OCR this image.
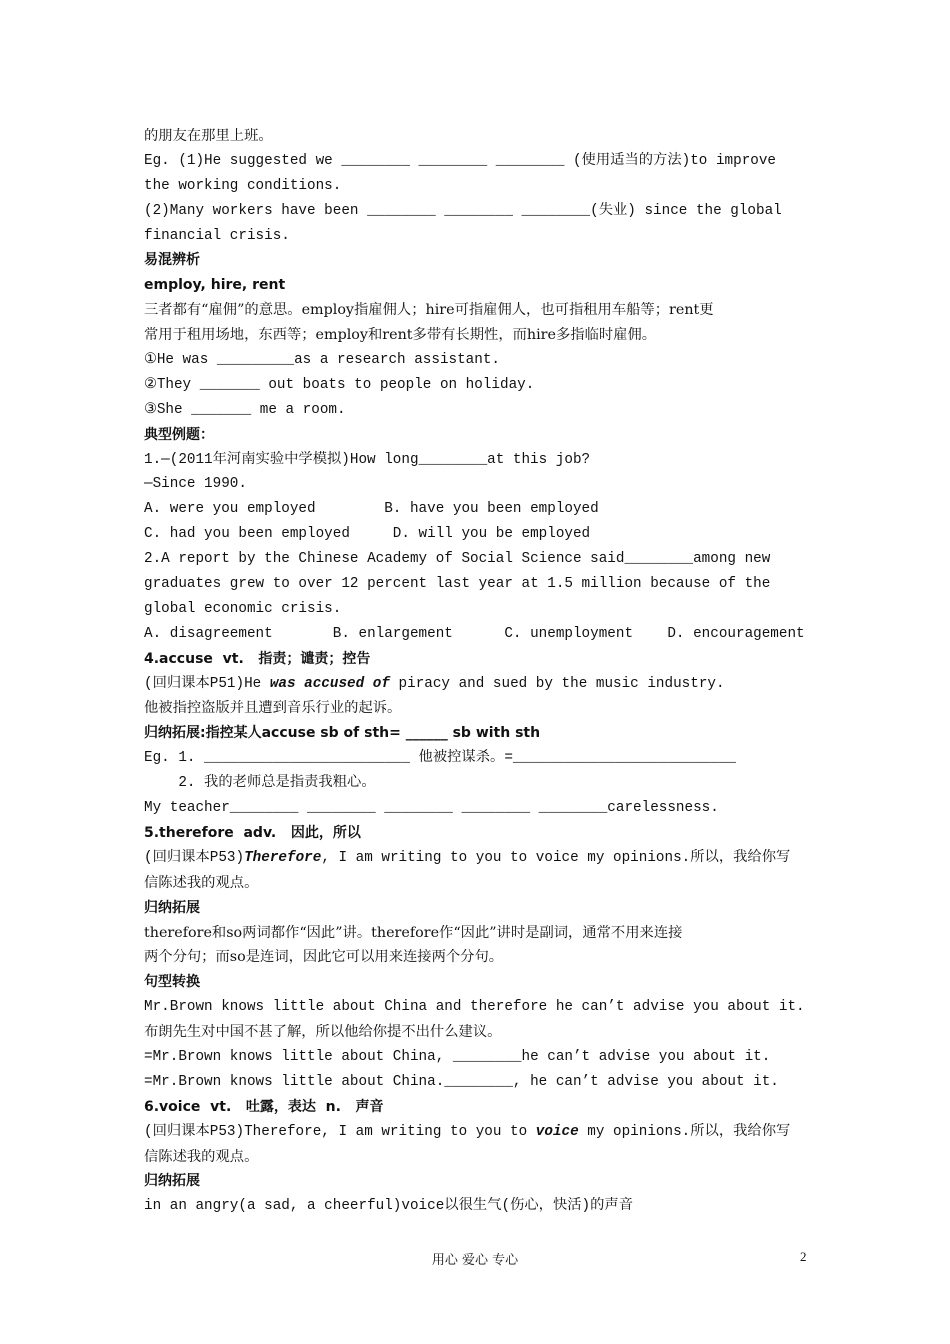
的朋友在那里上班。

Eg. (1)He suggested we ________ ________ ________ (使用适当的方法)to improve

the working conditions.

(2)Many workers have been ________ ________ ________(失业) since the global

financial crisis.

易混辨析

employ, hire, rent

三者都有“雇佣”的意思。employ指雇佣人；hire可指雇佣人，也可指租用车船等；rent更

常用于租用场地，东西等；employ和rent多带有长期性，而hire多指临时雇佣。

①He was _________as a research assistant.

②They _______ out boats to people on holiday.

③She _______ me a room.

典型例题：

1.—(2011年河南实验中学模拟)How long________at this job?

—Since 1990.

A. were you employed        B. have you been employed

C. had you been employed     D. will you be employed

2.A report by the Chinese Academy of Social Science said________among new

graduates grew to over 12 percent last year at 1.5 million because of the

global economic crisis.

A. disagreement       B. enlargement      C. unemployment    D. encouragement

4.accuse  vt.   指责；谴责；控告

(回归课本P51)He was accused of piracy and sued by the music industry.

他被指控盗版并且遭到音乐行业的起诉。

归纳拓展:指控某人accuse sb of sth= ______ sb with sth

Eg. 1. ________________________ 他被控谋杀。=__________________________

2. 我的老师总是指责我粗心。

My teacher________ ________ ________ ________ ________carelessness.

5.therefore  adv.   因此，所以

(回归课本P53)Therefore, I am writing to you to voice my opinions.所以，我给你写

信陈述我的观点。

归纳拓展

therefore和so两词都作“因此”讲。therefore作“因此”讲时是副词，通常不用来连接

两个分句；而so是连词，因此它可以用来连接两个分句。

句型转换

Mr.Brown knows little about China and therefore he can’t advise you about it.

布朗先生对中国不甚了解，所以他给你提不出什么建议。

=Mr.Brown knows little about China, ________he can’t advise you about it.

=Mr.Brown knows little about China.________, he can’t advise you about it.

6.voice  vt.   吐露，表达  n.   声音

(回归课本P53)Therefore, I am writing to you to voice my opinions.所以，我给你写

信陈述我的观点。

归纳拓展

in an angry(a sad, a cheerful)voice以很生气(伤心，快活)的声音

用心 爱心 专心	2
